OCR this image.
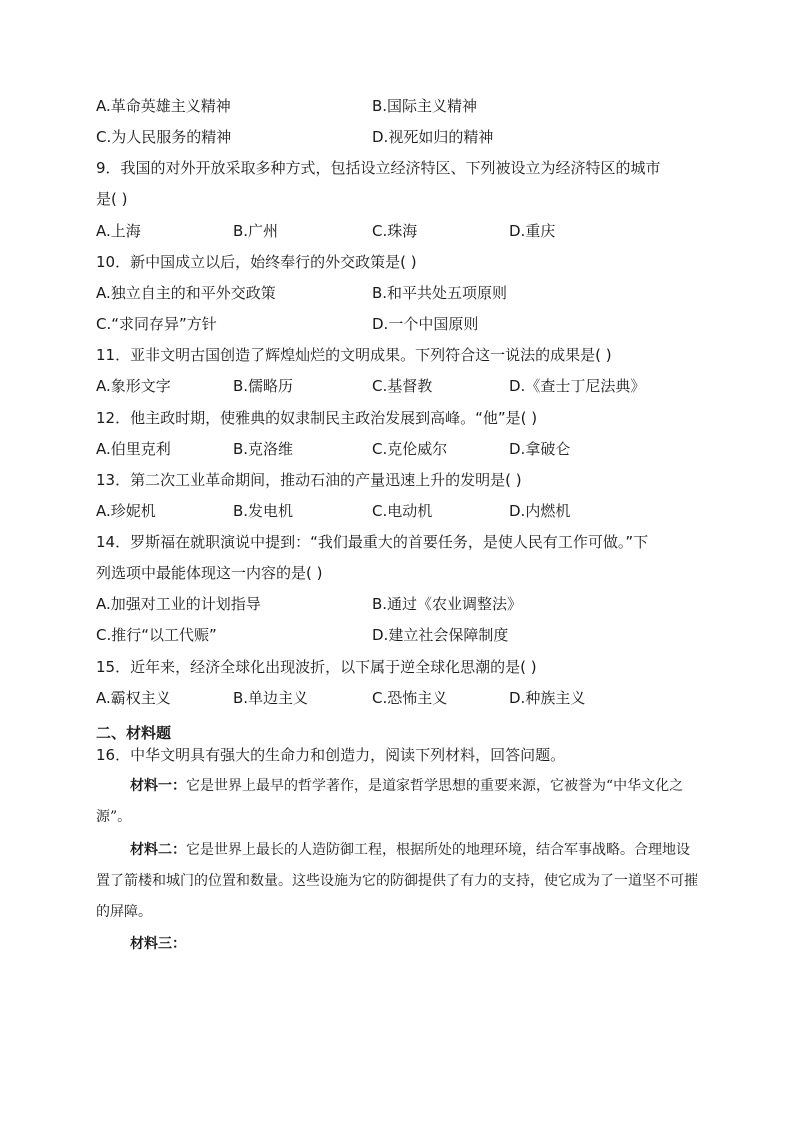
A.革命英雄主义精神	B.国际主义精神
C.为人民服务的精神	D.视死如归的精神
9．我国的对外开放采取多种方式，包括设立经济特区、下列被设立为经济特区的城市
是( )
A.上海	B.广州	C.珠海	D.重庆
10．新中国成立以后，始终奉行的外交政策是( )
A.独立自主的和平外交政策	B.和平共处五项原则
C.“求同存异”方针	D.一个中国原则
11．亚非文明古国创造了辉煌灿烂的文明成果。下列符合这一说法的成果是( )
A.象形文字	B.儒略历	C.基督教	D.《查士丁尼法典》
12．他主政时期，使雅典的奴隶制民主政治发展到高峰。“他”是( )
A.伯里克利	B.克洛维	C.克伦威尔	D.拿破仑
13．第二次工业革命期间，推动石油的产量迅速上升的发明是( )
A.珍妮机	B.发电机	C.电动机	D.内燃机
14．罗斯福在就职演说中提到：“我们最重大的首要任务，是使人民有工作可做。”下
列选项中最能体现这一内容的是( )
A.加强对工业的计划指导	B.通过《农业调整法》
C.推行“以工代赈”	D.建立社会保障制度
15．近年来，经济全球化出现波折，以下属于逆全球化思潮的是( )
A.霸权主义	B.单边主义	C.恐怖主义	D.种族主义
二、材料题
16．中华文明具有强大的生命力和创造力，阅读下列材料，回答问题。
材料一：它是世界上最早的哲学著作，是道家哲学思想的重要来源，它被誉为“中华文化之源”。
材料二：它是世界上最长的人造防御工程，根据所处的地理环境，结合军事战略。合理地设置了箭楼和城门的位置和数量。这些设施为它的防御提供了有力的支持，使它成为了一道坚不可摧的屏障。
材料三：
